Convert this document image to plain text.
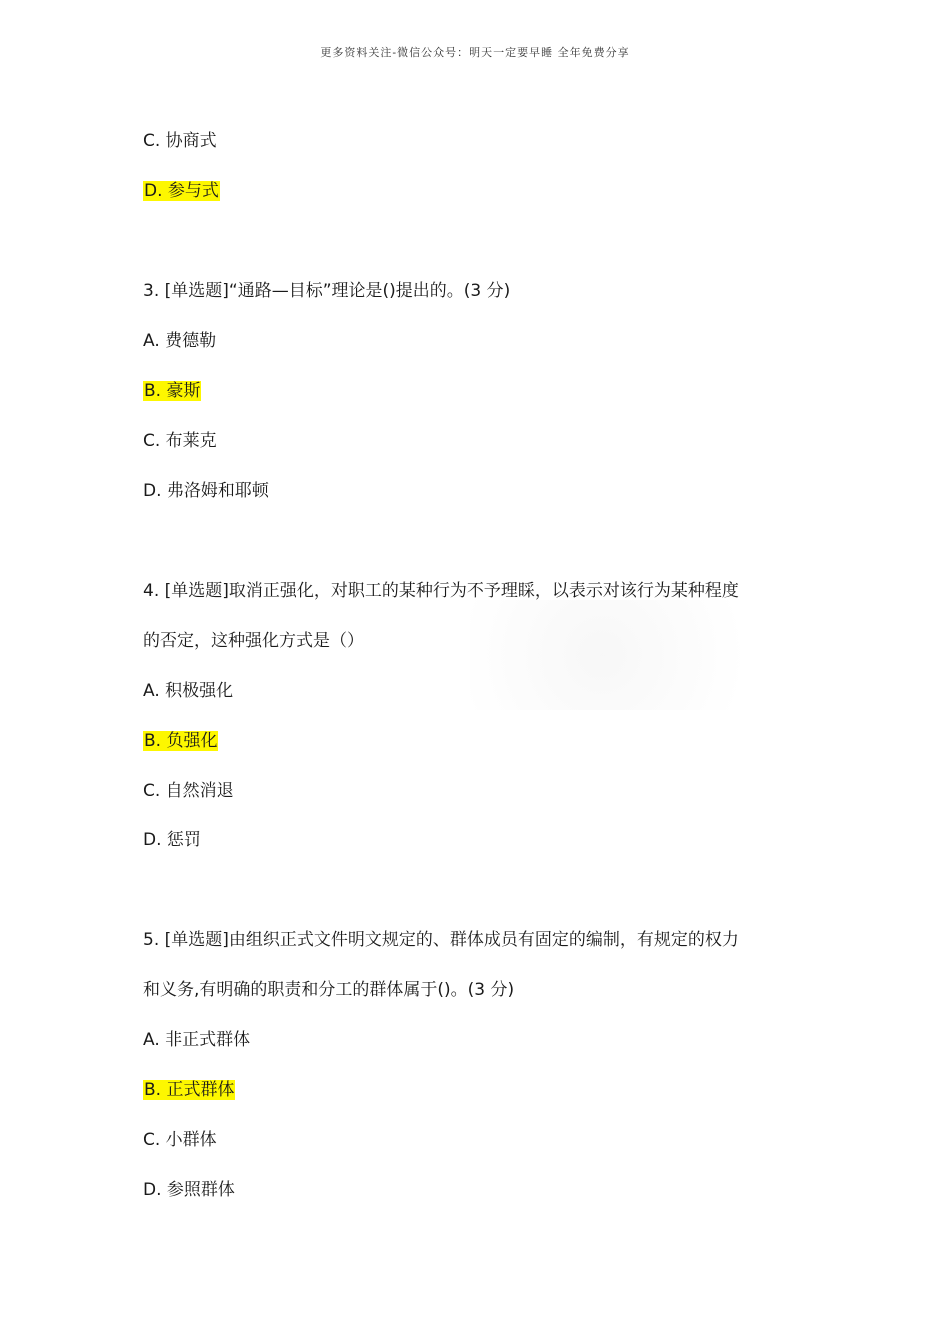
更多资料关注-微信公众号：明天一定要早睡 全年免费分享
C. 协商式
D. 参与式
3. [单选题]“通路—目标”理论是()提出的。(3 分)
A. 费德勒
B. 豪斯
C. 布莱克
D. 弗洛姆和耶顿
4. [单选题]取消正强化，对职工的某种行为不予理睬，以表示对该行为某种程度
的否定，这种强化方式是（）
A. 积极强化
B. 负强化
C. 自然消退
D. 惩罚
5. [单选题]由组织正式文件明文规定的、群体成员有固定的编制，有规定的权力
和义务,有明确的职责和分工的群体属于()。(3 分)
A. 非正式群体
B. 正式群体
C. 小群体
D. 参照群体
